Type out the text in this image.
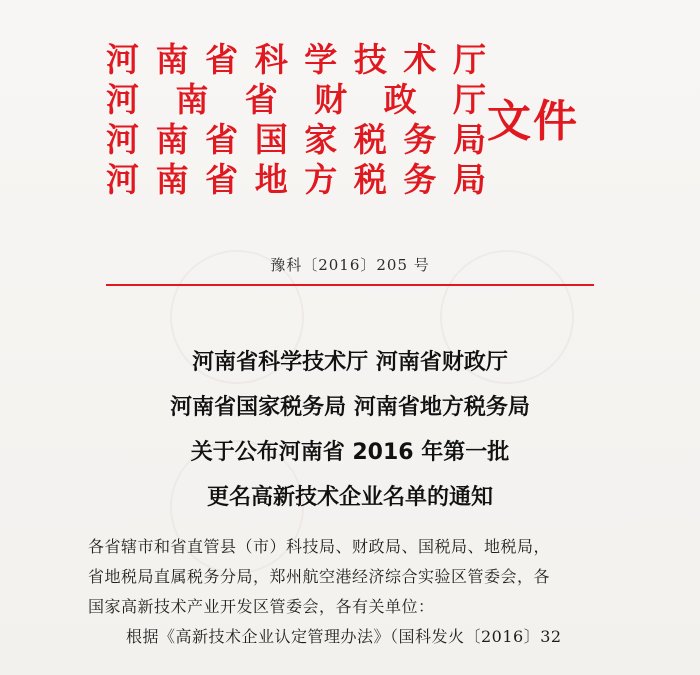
河 南 省 科 学 技 术 厅
河 南 省 财 政 厅
河 南 省 国 家 税 务 局
河 南 省 地 方 税 务 局
文件
豫科〔2016〕205 号
河南省科学技术厅 河南省财政厅
河南省国家税务局 河南省地方税务局
关于公布河南省 2016 年第一批
更名高新技术企业名单的通知
各省辖市和省直管县（市）科技局、财政局、国税局、地税局，
省地税局直属税务分局，郑州航空港经济综合实验区管委会，各
国家高新技术产业开发区管委会，各有关单位：
根据《高新技术企业认定管理办法》（国科发火〔2016〕32
